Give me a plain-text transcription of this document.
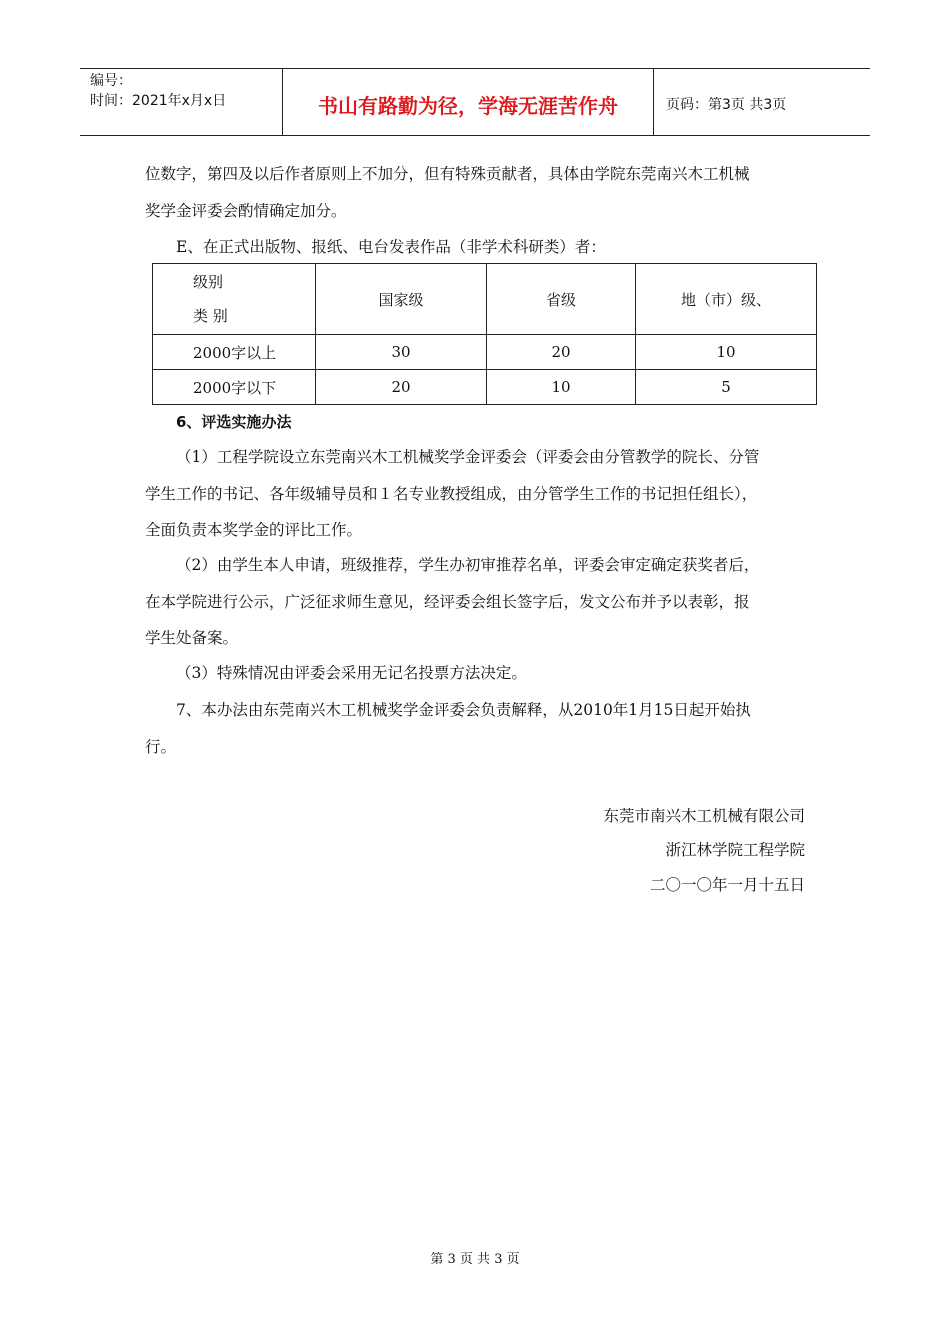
编号：
时间：2021年x月x日	书山有路勤为径，学海无涯苦作舟	页码：第3页 共3页
位数字，第四及以后作者原则上不加分，但有特殊贡献者，具体由学院东莞南兴木工机械
奖学金评委会酌情确定加分。
E、在正式出版物、报纸、电台发表作品（非学术科研类）者：
级别
类 别	国家级	省级	地（市）级、
2000字以上	30	20	10
2000字以下	20	10	5
6、评选实施办法
（1）工程学院设立东莞南兴木工机械奖学金评委会（评委会由分管教学的院长、分管
学生工作的书记、各年级辅导员和１名专业教授组成，由分管学生工作的书记担任组长），
全面负责本奖学金的评比工作。
（2）由学生本人申请，班级推荐，学生办初审推荐名单，评委会审定确定获奖者后，
在本学院进行公示，广泛征求师生意见，经评委会组长签字后，发文公布并予以表彰，报
学生处备案。
（3）特殊情况由评委会采用无记名投票方法决定。
7、本办法由东莞南兴木工机械奖学金评委会负责解释，从2010年1月15日起开始执
行。
东莞市南兴木工机械有限公司
浙江林学院工程学院
二〇一〇年一月十五日
第 3 页 共 3 页
